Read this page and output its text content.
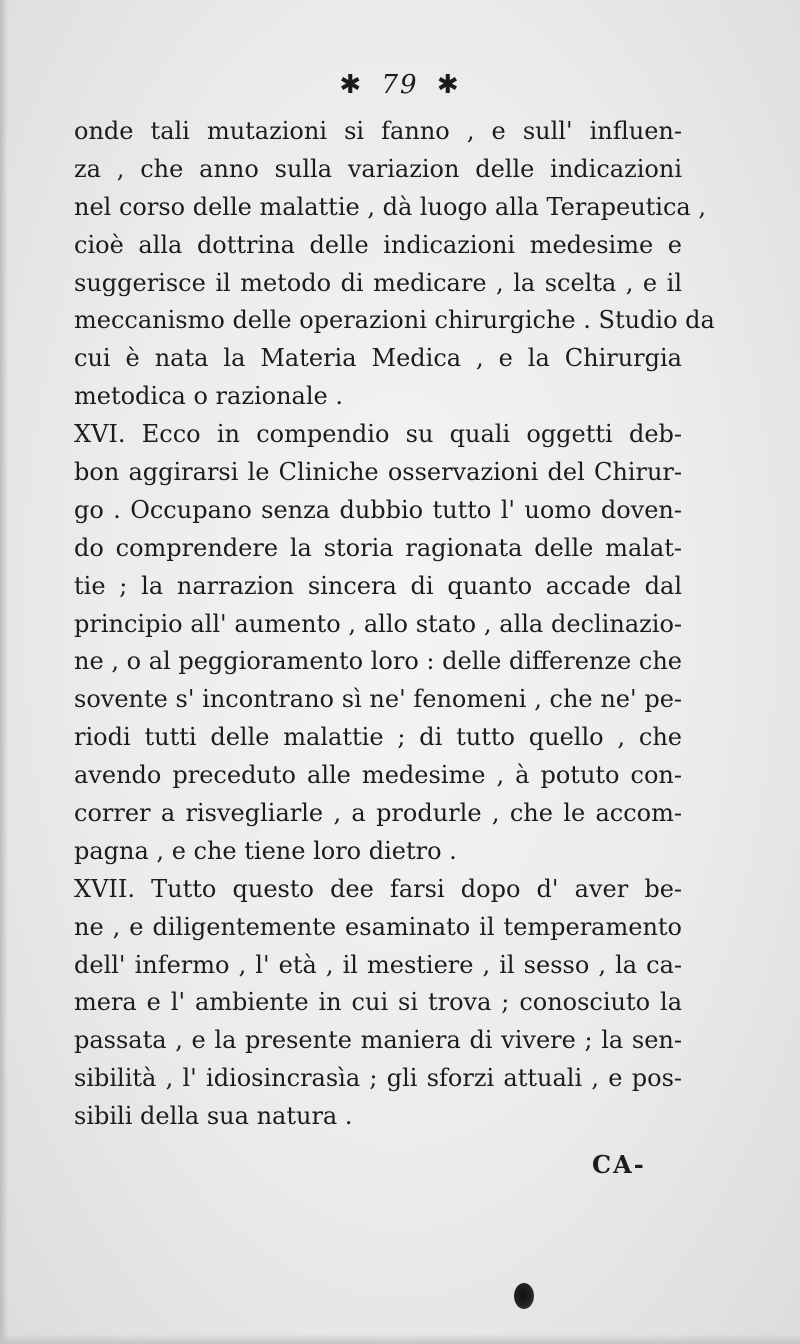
✱ 79 ✱
onde tali mutazioni si fanno , e sull' influen-
za , che anno sulla variazion delle indicazioni
nel corso delle malattie , dà luogo alla Terapeutica ,
cioè alla dottrina delle indicazioni medesime e
suggerisce il metodo di medicare , la scelta , e il
meccanismo delle operazioni chirurgiche . Studio da
cui è nata la Materia Medica , e la Chirurgia
metodica o razionale .
XVI. Ecco in compendio su quali oggetti deb-
bon aggirarsi le Cliniche osservazioni del Chirur-
go . Occupano senza dubbio tutto l' uomo doven-
do comprendere la storia ragionata delle malat-
tie ; la narrazion sincera di quanto accade dal
principio all' aumento , allo stato , alla declinazio-
ne , o al peggioramento loro : delle differenze che
sovente s' incontrano sì ne' fenomeni , che ne' pe-
riodi tutti delle malattie ; di tutto quello , che
avendo preceduto alle medesime , à potuto con-
correr a risvegliarle , a produrle , che le accom-
pagna , e che tiene loro dietro .
XVII. Tutto questo dee farsi dopo d' aver be-
ne , e diligentemente esaminato il temperamento
dell' infermo , l' età , il mestiere , il sesso , la ca-
mera e l' ambiente in cui si trova ; conosciuto la
passata , e la presente maniera di vivere ; la sen-
sibilità , l' idiosincrasìa ; gli sforzi attuali , e pos-
sibili della sua natura .
CA-
